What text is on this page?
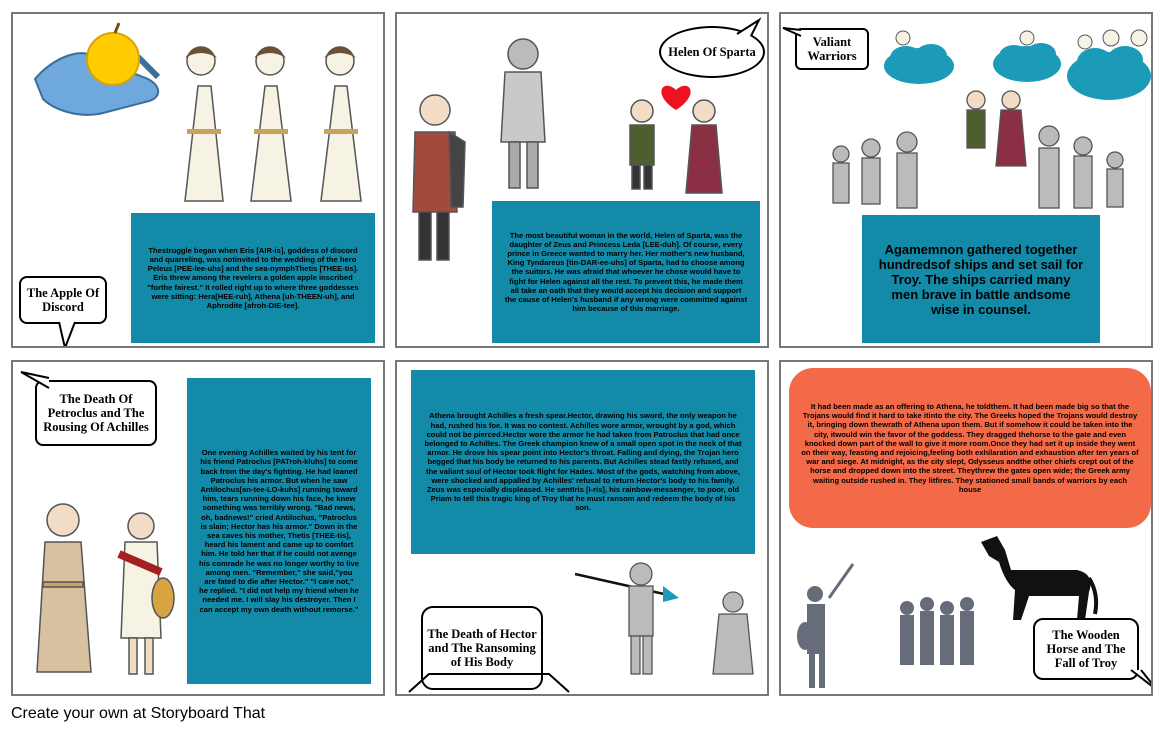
Thestruggle began when Eris [AIR-is], goddess of discord and quarreling, was notinvited to the wedding of the hero Peleus [PEE-lee-uhs] and the sea-nymphThetis [THEE-tis]. Eris threw among the revelers a golden apple inscribed "forthe fairest." It rolled right up to where three goddesses were sitting: Hera[HEE-ruh], Athena [uh-THEEN-uh], and Aphrodite [afroh-DIE-tee].
The Apple Of Discord
Helen Of Sparta
The most beautiful woman in the world, Helen of Sparta, was the daughter of Zeus and Princess Leda [LEE-duh]. Of course, every prince in Greece wanted to marry her. Her mother's new husband, King Tyndareus [tin-DAR-ee-uhs] of Sparta, had to choose among the suitors. He was afraid that whoever he chose would have to fight for Helen against all the rest. To prevent this, he made them all take an oath that they would accept his decision and support the cause of Helen's husband if any wrong were committed against him because of this marriage.
Valiant Warriors
Agamemnon gathered together hundredsof ships and set sail for Troy. The ships carried many men brave in battle andsome wise in counsel.
The Death Of Petroclus and The Rousing Of Achilles
One evening Achilles waited by his tent for his friend Patroclus [PATroh-kluhs] to come back from the day's fighting. He had loaned Patroclus his armor. But when he saw Antilochus[an-tee-LO-kuhs] running toward him, tears running down his face, he knew something was terribly wrong. "Bad news, oh, badnews!" cried Antilochus, "Patroclus is slain; Hector has his armor." Down in the sea caves his mother, Thetis [THEE-tis], heard his lament and came up to comfort him. He told her that if he could not avenge his comrade he was no longer worthy to live among men. "Remember," she said,"you are fated to die after Hector." "I care not," he replied. "I did not help my friend when he needed me. I will slay his destroyer. Then I can accept my own death without remorse."
Athena brought Achilles a fresh spear.Hector, drawing his sword, the only weapon he had, rushed his foe. It was no contest. Achilles wore armor, wrought by a god, which could not be pierced.Hector wore the armor he had taken from Patroclus that had once belonged to Achilles. The Greek champion knew of a small open spot in the neck of that armor. He drove his spear point into Hector's throat. Falling and dying, the Trojan hero begged that his body be returned to his parents. But Achilles stead fastly refused, and the valiant soul of Hector took flight for Hades. Most of the gods, watching from above, were shocked and appalled by Achilles' refusal to return Hector's body to his family. Zeus was especially displeased. He sentIris [I-ris], his rainbow-messenger, to poor, old Priam to tell this tragic king of Troy that he must ransom and redeem the body of his son.
The Death of Hector and The Ransoming of His Body
It had been made as an offering to Athena, he toldthem. It had been made big so that the Trojans would find it hard to take itinto the city. The Greeks hoped the Trojans would destroy it, bringing down thewrath of Athena upon them. But if somehow it could be taken into the city, itwould win the favor of the goddess. They dragged thehorse to the gate and even knocked down part of the wall to give it more room.Once they had set it up inside they went on their way, feasting and rejoicing,feeling both exhilaration and exhaustion after ten years of war and siege. At midnight, as the city slept, Odysseus andthe other chiefs crept out of the horse and dropped down into the street. Theythrew the gates open wide; the Greek army waiting outside rushed in. They litfires. They stationed small bands of warriors by each house
The Wooden Horse and The Fall of Troy
Create your own at Storyboard That
